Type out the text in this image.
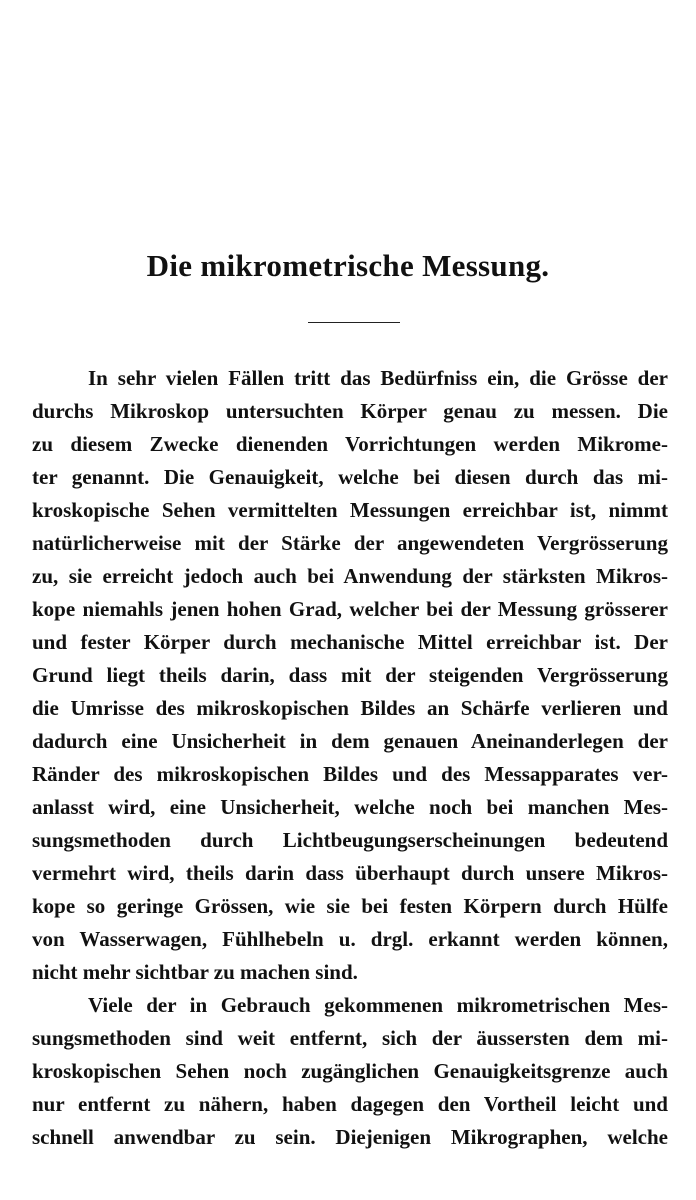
Die mikrometrische Messung.
In sehr vielen Fällen tritt das Bedürfniss ein, die Grösse der
durchs Mikroskop untersuchten Körper genau zu messen. Die
zu diesem Zwecke dienenden Vorrichtungen werden Mikrome-
ter genannt. Die Genauigkeit, welche bei diesen durch das mi-
kroskopische Sehen vermittelten Messungen erreichbar ist, nimmt
natürlicherweise mit der Stärke der angewendeten Vergrösserung
zu, sie erreicht jedoch auch bei Anwendung der stärksten Mikros-
kope niemahls jenen hohen Grad, welcher bei der Messung grösserer
und fester Körper durch mechanische Mittel erreichbar ist. Der
Grund liegt theils darin, dass mit der steigenden Vergrösserung
die Umrisse des mikroskopischen Bildes an Schärfe verlieren und
dadurch eine Unsicherheit in dem genauen Aneinanderlegen der
Ränder des mikroskopischen Bildes und des Messapparates ver-
anlasst wird, eine Unsicherheit, welche noch bei manchen Mes-
sungsmethoden durch Lichtbeugungserscheinungen bedeutend
vermehrt wird, theils darin dass überhaupt durch unsere Mikros-
kope so geringe Grössen, wie sie bei festen Körpern durch Hülfe
von Wasserwagen, Fühlhebeln u. drgl. erkannt werden können,
nicht mehr sichtbar zu machen sind.
Viele der in Gebrauch gekommenen mikrometrischen Mes-
sungsmethoden sind weit entfernt, sich der äussersten dem mi-
kroskopischen Sehen noch zugänglichen Genauigkeitsgrenze auch
nur entfernt zu nähern, haben dagegen den Vortheil leicht und
schnell anwendbar zu sein. Diejenigen Mikrographen, welche
